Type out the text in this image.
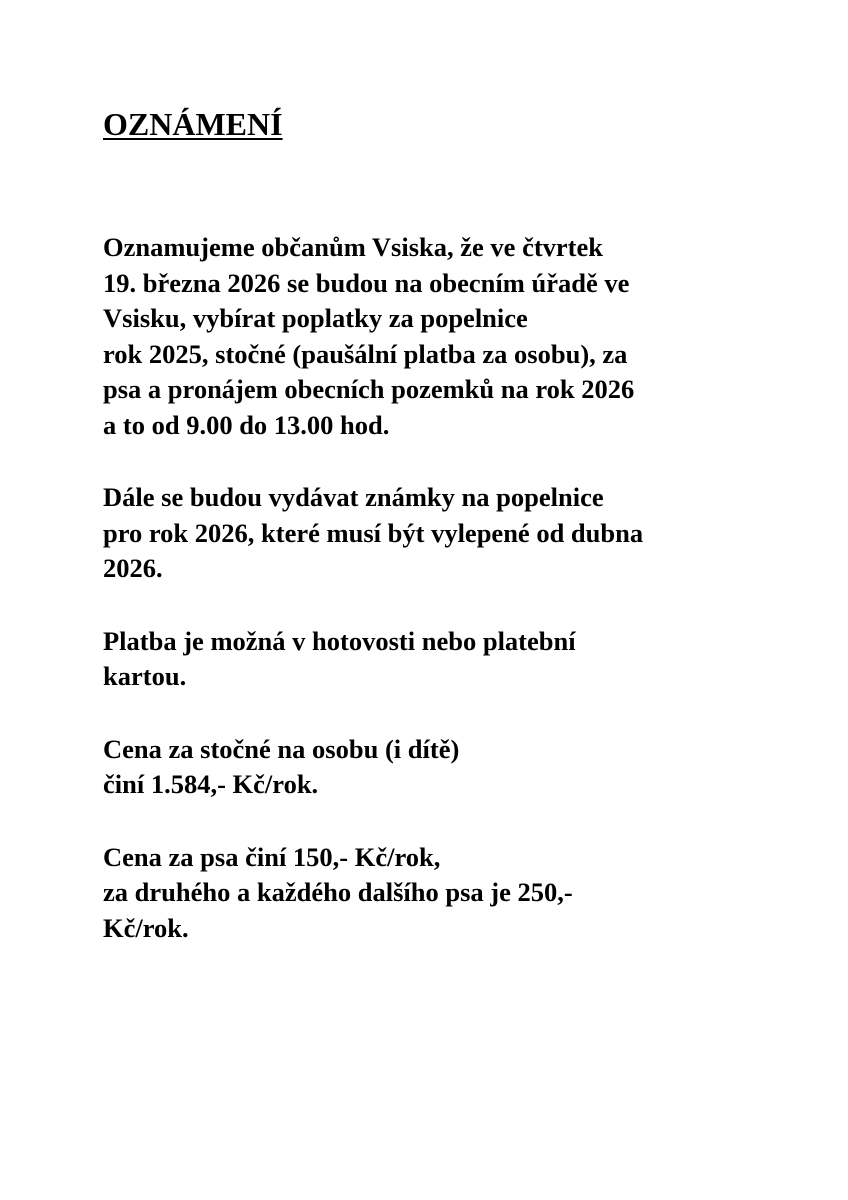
OZNÁMENÍ

Oznamujeme občanům Vsiska, že ve čtvrtek
19. března 2026 se budou na obecním úřadě ve
Vsisku, vybírat poplatky za popelnice
rok 2025, stočné (paušální platba za osobu), za
psa a pronájem obecních pozemků na rok 2026
a to od 9.00 do 13.00 hod.

Dále se budou vydávat známky na popelnice
pro rok 2026, které musí být vylepené od dubna
2026.

Platba je možná v hotovosti nebo platební
kartou.

Cena za stočné na osobu (i dítě)
činí 1.584,- Kč/rok.

Cena za psa činí 150,- Kč/rok,
za druhého a každého dalšího psa je 250,-
Kč/rok.
